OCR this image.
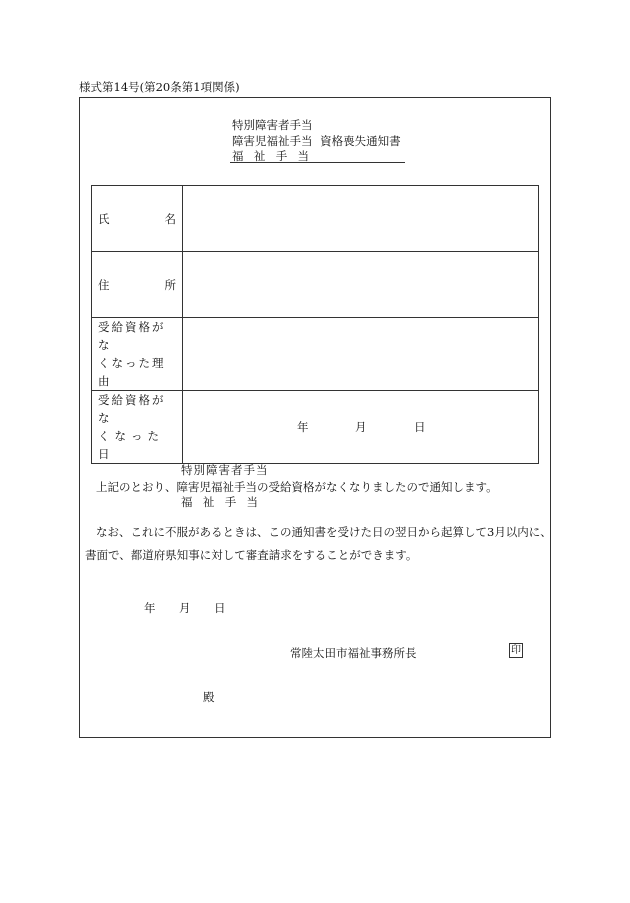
様式第14号(第20条第1項関係)
特別障害者手当
障害児福祉手当 資格喪失通知書
福祉手当
氏 名	

住 所	

受給資格がな
くなった理由	

受給資格がな
くなった日	年 月 日
特別障害者手当
上記のとおり、障害児福祉手当の受給資格がなくなりましたので通知します。
福祉手当
なお、これに不服があるときは、この通知書を受けた日の翌日から起算して3月以内に、
書面で、都道府県知事に対して審査請求をすることができます。
年 月 日
常陸太田市福祉事務所長	印
殿
